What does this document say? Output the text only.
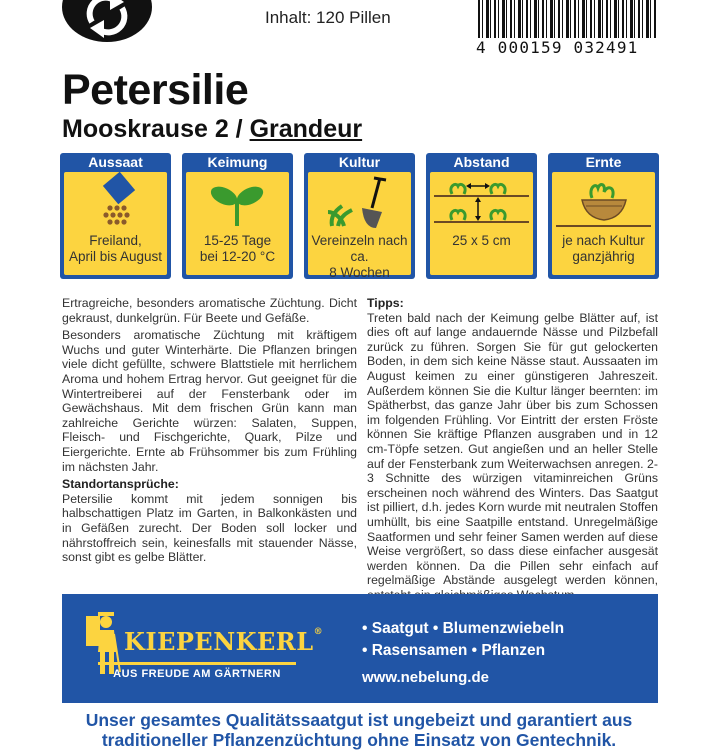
Inhalt: 120 Pillen
4 000159 032491
Petersilie
Mooskrause 2 / Grandeur
Aussaat
Freiland,
April bis August
Keimung
15-25 Tage
bei 12-20 °C
Kultur
Vereinzeln nach
ca.
8 Wochen
Abstand
25 x 5 cm
Ernte
je nach Kultur
ganzjährig

Ertragreiche, besonders aromatische Züchtung. Dicht gekraust, dunkelgrün. Für Beete und Gefäße.

Besonders aromatische Züchtung mit kräftigem Wuchs und guter Winterhärte. Die Pflanzen bringen viele dicht gefüllte, schwere Blattstiele mit herrlichem Aroma und hohem Ertrag hervor. Gut geeignet für die Wintertreiberei auf der Fensterbank oder im Gewächshaus. Mit dem frischen Grün kann man zahlreiche Gerichte würzen: Salaten, Suppen, Fleisch- und Fischgerichte, Quark, Pilze und Eiergerichte. Ernte ab Frühsommer bis zum Frühling im nächsten Jahr.

Standortansprüche:

Petersilie kommt mit jedem sonnigen bis halbschattigen Platz im Garten, in Balkonkästen und in Gefäßen zurecht. Der Boden soll locker und nährstoffreich sein, keinesfalls mit stauender Nässe, sonst gibt es gelbe Blätter.

Tipps:

Treten bald nach der Keimung gelbe Blätter auf, ist dies oft auf lange andauernde Nässe und Pilzbefall zurück zu führen. Sorgen Sie für gut gelockerten Boden, in dem sich keine Nässe staut. Aussaaten im August keimen zu einer günstigeren Jahreszeit. Außerdem können Sie die Kultur länger beernten: im Spätherbst, das ganze Jahr über bis zum Schossen im folgenden Frühling. Vor Eintritt der ersten Fröste können Sie kräftige Pflanzen ausgraben und in 12 cm-Töpfe setzen. Gut angießen und an heller Stelle auf der Fensterbank zum Weiterwachsen anregen. 2-3 Schnitte des würzigen vitaminreichen Grüns erscheinen noch während des Winters. Das Saatgut ist pilliert, d.h. jedes Korn wurde mit neutralen Stoffen umhüllt, bis eine Saatpille entstand. Unregelmäßige Saatformen und sehr feiner Samen werden auf diese Weise vergrößert, so dass diese einfacher ausgesät werden können. Da die Pillen sehr einfach auf regelmäßige Abstände ausgelegt werden können,

KIEPENKERL®
AUS FREUDE AM GÄRTNERN
• Saatgut • Blumenzwiebeln
• Rasensamen • Pflanzen
www.nebelung.de
Unser gesamtes Qualitätssaatgut ist ungebeizt und garantiert aus
traditioneller Pflanzenzüchtung ohne Einsatz von Gentechnik.
